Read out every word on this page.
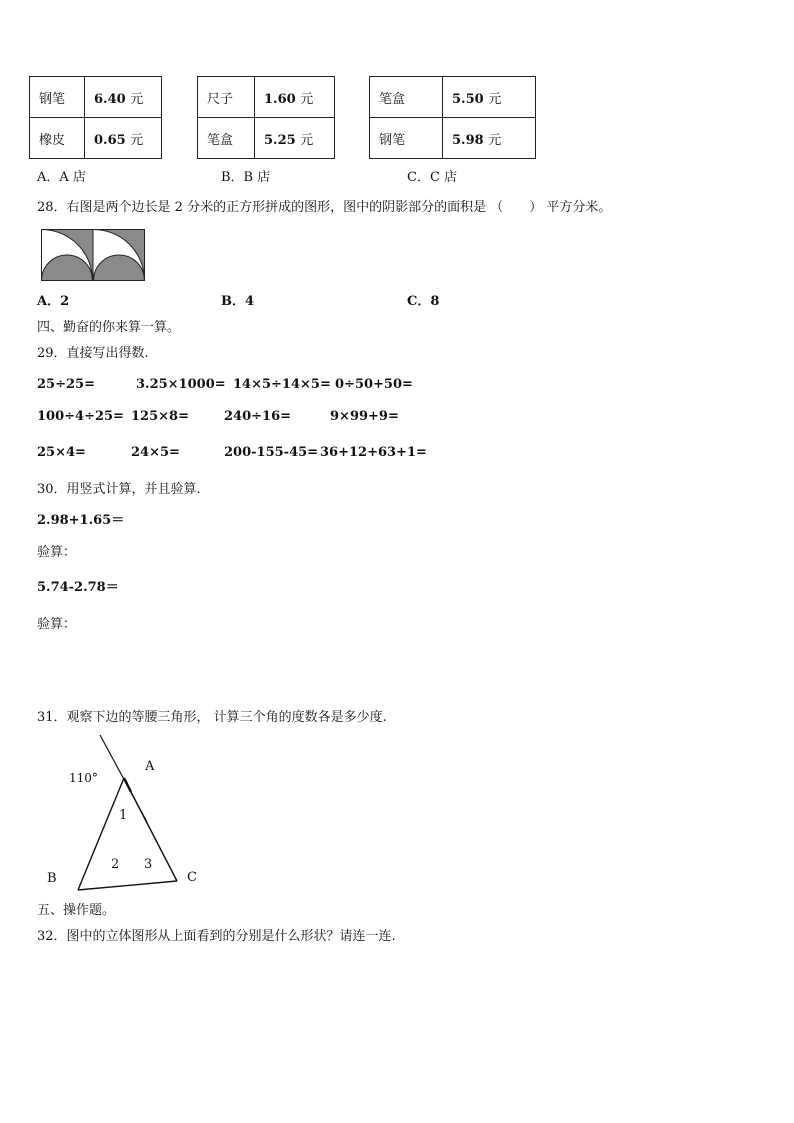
钢笔	6.40 元
橡皮	0.65 元
尺子	1.60 元
笔盒	5.25 元
笔盒	5.50 元
钢笔	5.98 元
A．A 店	B．B 店	C．C 店
28．右图是两个边长是 2 分米的正方形拼成的图形，图中的阴影部分的面积是 （　　） 平方分米。
A．2	B．4	C．8
四、勤奋的你来算一算。
29．直接写出得数.
25÷25=	3.25×1000= 14×5÷14×5= 0÷50+50=
100÷4÷25= 125×8=	240÷16=	9×99+9=
25×4=	24×5=	200-155-45= 36+12+63+1=
30．用竖式计算，并且验算.
2.98+1.65＝
验算：
5.74-2.78＝
验算：
31．观察下边的等腰三角形， 计算三个角的度数各是多少度.
110°
A
B	C
1
2 3
五、操作题。
32．图中的立体图形从上面看到的分别是什么形状？请连一连.
